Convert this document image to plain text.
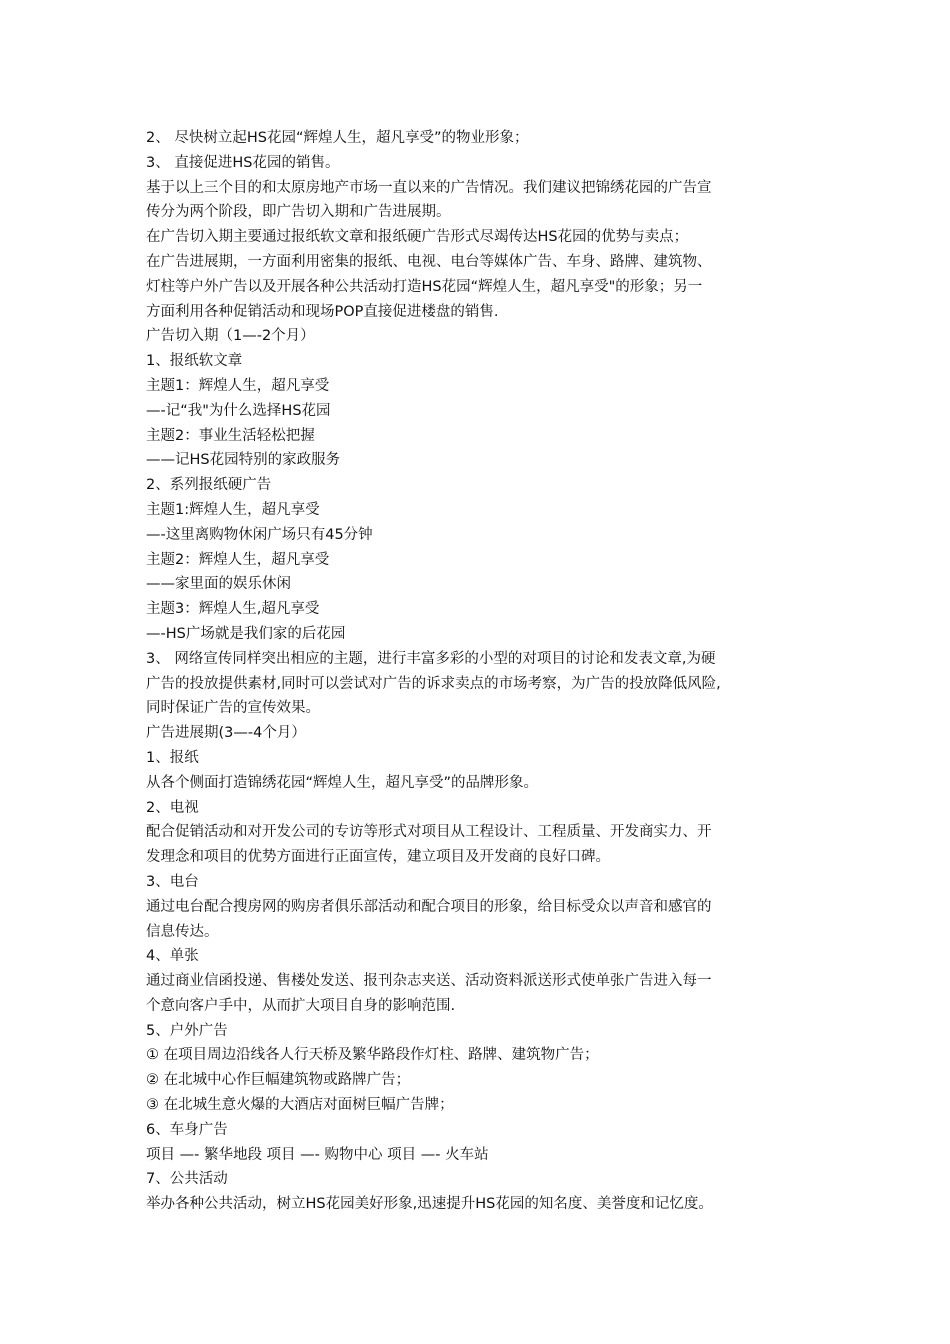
2、 尽快树立起HS花园“辉煌人生，超凡享受”的物业形象；
3、 直接促进HS花园的销售。
基于以上三个目的和太原房地产市场一直以来的广告情况。我们建议把锦绣花园的广告宣
传分为两个阶段，即广告切入期和广告进展期。
在广告切入期主要通过报纸软文章和报纸硬广告形式尽竭传达HS花园的优势与卖点；
在广告进展期，一方面利用密集的报纸、电视、电台等媒体广告、车身、路牌、建筑物、
灯柱等户外广告以及开展各种公共活动打造HS花园“辉煌人生，超凡享受"的形象；另一
方面利用各种促销活动和现场POP直接促进楼盘的销售.
广告切入期（1—-2个月）
1、报纸软文章
主题1：辉煌人生，超凡享受
—-记“我"为什么选择HS花园
主题2：事业生活轻松把握
——记HS花园特别的家政服务
2、系列报纸硬广告
主题1:辉煌人生，超凡享受
—-这里离购物休闲广场只有45分钟
主题2：辉煌人生，超凡享受
——家里面的娱乐休闲
主题3：辉煌人生,超凡享受
—-HS广场就是我们家的后花园
3、 网络宣传同样突出相应的主题，进行丰富多彩的小型的对项目的讨论和发表文章,为硬
广告的投放提供素材,同时可以尝试对广告的诉求卖点的市场考察，为广告的投放降低风险,
同时保证广告的宣传效果。
广告进展期(3—-4个月）
1、报纸
从各个侧面打造锦绣花园“辉煌人生，超凡享受”的品牌形象。
2、电视
配合促销活动和对开发公司的专访等形式对项目从工程设计、工程质量、开发商实力、开
发理念和项目的优势方面进行正面宣传，建立项目及开发商的良好口碑。
3、电台
通过电台配合搜房网的购房者俱乐部活动和配合项目的形象，给目标受众以声音和感官的
信息传达。
4、单张
通过商业信函投递、售楼处发送、报刊杂志夹送、活动资料派送形式使单张广告进入每一
个意向客户手中，从而扩大项目自身的影响范围.
5、户外广告
① 在项目周边沿线各人行天桥及繁华路段作灯柱、路牌、建筑物广告；
② 在北城中心作巨幅建筑物或路牌广告；
③ 在北城生意火爆的大酒店对面树巨幅广告牌；
6、车身广告
项目 —- 繁华地段 项目 —- 购物中心 项目 —- 火车站
7、公共活动
举办各种公共活动，树立HS花园美好形象,迅速提升HS花园的知名度、美誉度和记忆度。
